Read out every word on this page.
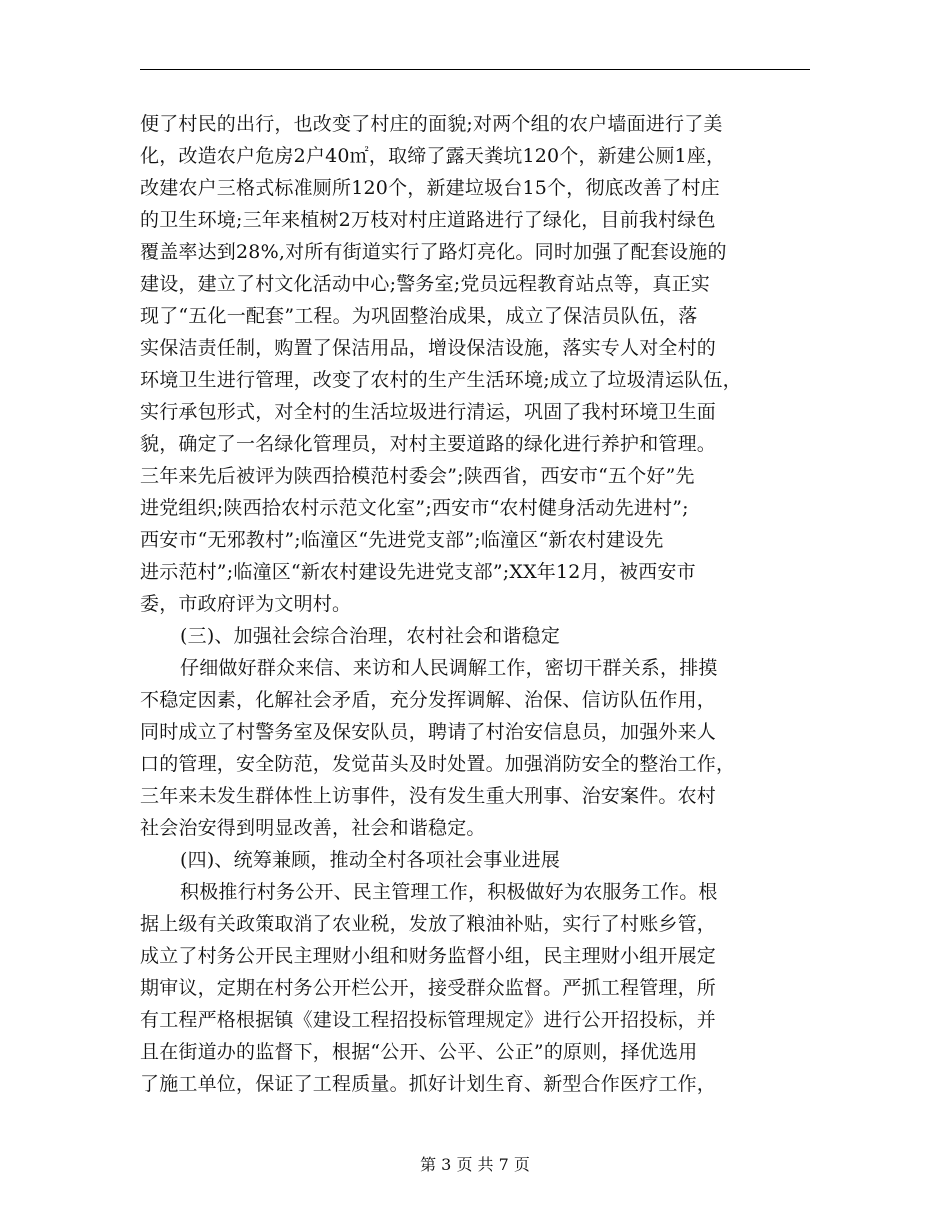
便了村民的出行，也改变了村庄的面貌;对两个组的农户墙面进行了美
化，改造农户危房2户40㎡，取缔了露天粪坑120个，新建公厕1座，
改建农户三格式标准厕所120个，新建垃圾台15个，彻底改善了村庄
的卫生环境;三年来植树2万枝对村庄道路进行了绿化，目前我村绿色
覆盖率达到28%,对所有街道实行了路灯亮化。同时加强了配套设施的
建设，建立了村文化活动中心;警务室;党员远程教育站点等，真正实
现了“五化一配套”工程。为巩固整治成果，成立了保洁员队伍，落
实保洁责任制，购置了保洁用品，增设保洁设施，落实专人对全村的
环境卫生进行管理，改变了农村的生产生活环境;成立了垃圾清运队伍，
实行承包形式，对全村的生活垃圾进行清运，巩固了我村环境卫生面
貌，确定了一名绿化管理员，对村主要道路的绿化进行养护和管理。
三年来先后被评为陕西拾模范村委会”;陕西省，西安市“五个好”先
进党组织;陕西拾农村示范文化室”;西安市“农村健身活动先进村”;
西安市“无邪教村”;临潼区“先进党支部”;临潼区“新农村建设先
进示范村”;临潼区“新农村建设先进党支部”;XX年12月，被西安市
委，市政府评为文明村。
(三)、加强社会综合治理，农村社会和谐稳定
仔细做好群众来信、来访和人民调解工作，密切干群关系，排摸
不稳定因素，化解社会矛盾，充分发挥调解、治保、信访队伍作用，
同时成立了村警务室及保安队员，聘请了村治安信息员，加强外来人
口的管理，安全防范，发觉苗头及时处置。加强消防安全的整治工作，
三年来未发生群体性上访事件，没有发生重大刑事、治安案件。农村
社会治安得到明显改善，社会和谐稳定。
(四)、统筹兼顾，推动全村各项社会事业进展
积极推行村务公开、民主管理工作，积极做好为农服务工作。根
据上级有关政策取消了农业税，发放了粮油补贴，实行了村账乡管，
成立了村务公开民主理财小组和财务监督小组，民主理财小组开展定
期审议，定期在村务公开栏公开，接受群众监督。严抓工程管理，所
有工程严格根据镇《建设工程招投标管理规定》进行公开招投标，并
且在街道办的监督下，根据“公开、公平、公正”的原则，择优选用
了施工单位，保证了工程质量。抓好计划生育、新型合作医疗工作，
第 3 页 共 7 页
